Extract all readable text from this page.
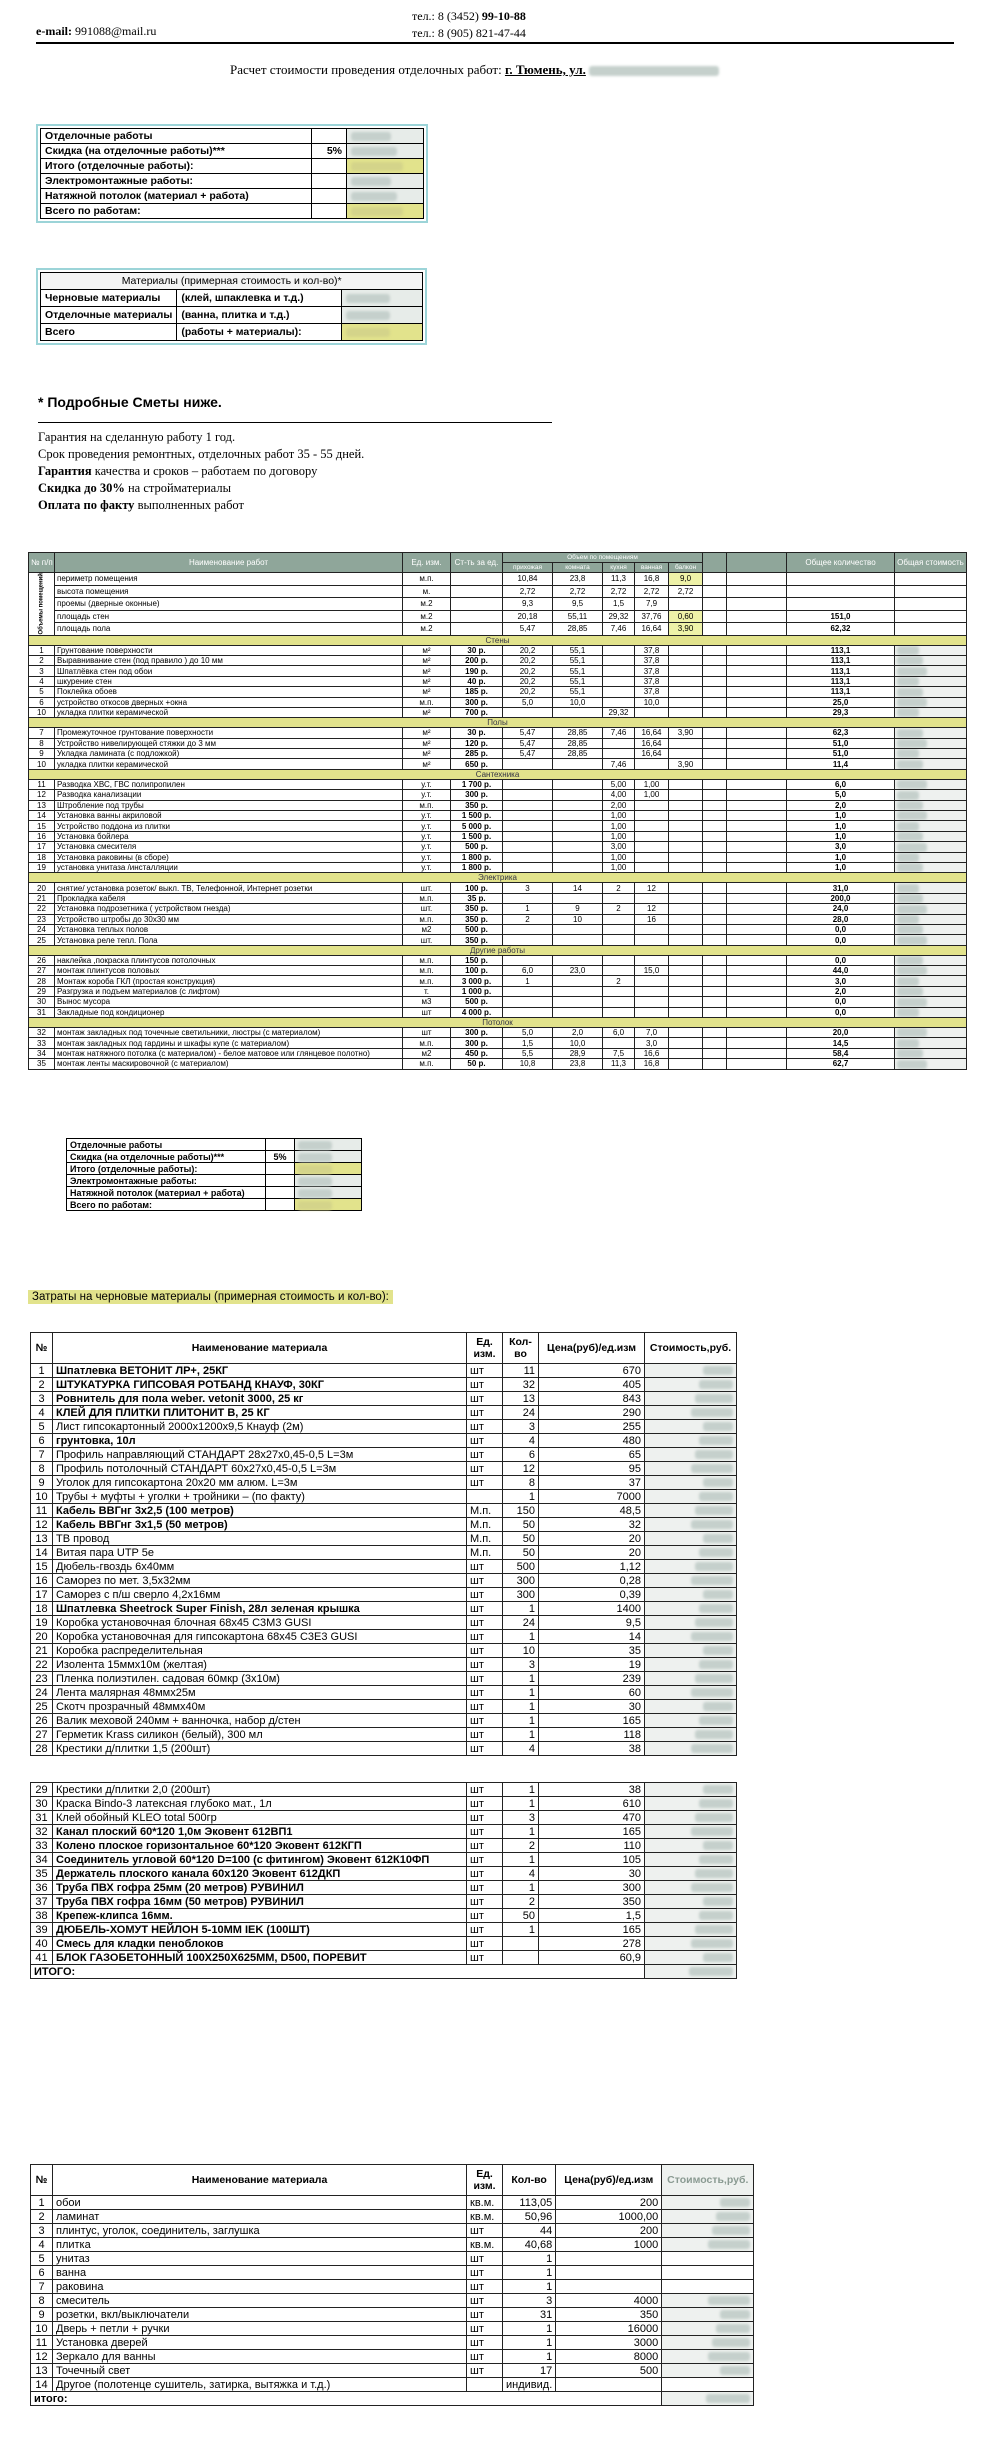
e-mail: 991088@mail.ru
тел.: 8 (3452) 99-10-88
тел.: 8 (905) 821-47-44
Расчет стоимости проведения отделочных работ: г. Тюмень, ул.
Отделочные работы		
Скидка (на отделочные работы)***	5%	
Итого (отделочные работы):		
Электромонтажные работы:		
Натяжной потолок (материал + работа)		
Всего по работам:		
Материалы (примерная стоимость и кол-во)*		
Черновые материалы	(клей, шпаклевка и т.д.)	
Отделочные материалы	(ванна, плитка и т.д.)	
Всего	(работы + материалы):	
* Подробные Сметы ниже.

Гарантия на сделанную работу 1 год.

Срок проведения ремонтных, отделочных работ 35 - 55 дней.

Гарантия качества и сроков – работаем по договору

Скидка до 30% на стройматериалы

Оплата по факту выполненных работ

№ п/п	Наименование работ	Ед. изм.	Ст-ть за ед.	Объем по помещениям							Общее количество	Общая стоимость
				прихожая	комната	кухня	ванная	балкон				
Объемы помещений	периметр помещения	м.п.		10,84	23,8	11,3	16,8	9,0				
	высота помещения	м.		2,72	2,72	2,72	2,72	2,72				
	проемы (дверные оконные)	м.2		9,3	9,5	1,5	7,9					
	площадь стен	м.2		20,18	55,11	29,32	37,76	0,60			151,0	
	площадь пола	м.2		5,47	28,85	7,46	16,64	3,90			62,32	
Стены												
1	Грунтование поверхности	м²	30 р.	20,2	55,1		37,8				113,1	
2	Выравнивание стен (под правило ) до 10 мм	м²	200 р.	20,2	55,1		37,8				113,1	
3	Шпатлёвка стен под обои	м²	190 р.	20,2	55,1		37,8				113,1	
4	шкурение стен	м²	40 р.	20,2	55,1		37,8				113,1	
5	Поклейка обоев	м²	185 р.	20,2	55,1		37,8				113,1	
6	устройство откосов дверных +окна	м.п.	300 р.	5,0	10,0		10,0				25,0	
10	укладка плитки керамической	м²	700 р.			29,32					29,3	
Полы												
7	Промежуточное грунтование поверхности	м²	30 р.	5,47	28,85	7,46	16,64	3,90			62,3	
8	Устройство нивелирующей стяжки до 3 мм	м²	120 р.	5,47	28,85		16,64				51,0	
9	Укладка ламината (с подложкой)	м²	285 р.	5,47	28,85		16,64				51,0	
10	укладка плитки керамической	м²	650 р.			7,46		3,90			11,4	
Сантехника												
11	Разводка ХВС, ГВС полипропилен	у.т.	1 700 р.			5,00	1,00				6,0	
12	Разводка канализации	у.т.	300 р.			4,00	1,00				5,0	
13	Штробление под трубы	м.п.	350 р.			2,00					2,0	
14	Установка ванны акриловой	у.т.	1 500 р.			1,00					1,0	
15	Устройство поддона из плитки	у.т.	5 000 р.			1,00					1,0	
16	Установка бойлера	у.т.	1 500 р.			1,00					1,0	
17	Установка смесителя	у.т.	500 р.			3,00					3,0	
18	Установка раковины (в сборе)	у.т.	1 800 р.			1,00					1,0	
19	установка унитаза /инсталляции	у.т.	1 800 р.			1,00					1,0	
Электрика												
20	снятие/ установка розеток/ выкл. ТВ, Телефонной, Интернет розетки	шт.	100 р.	3	14	2	12				31,0	
21	Прокладка кабеля	м.п.	35 р.								200,0	
22	Установка подрозетника ( устройством гнезда)	шт.	350 р.	1	9	2	12				24,0	
23	Устройство штробы до 30x30 мм	м.п.	350 р.	2	10		16				28,0	
24	Установка теплых полов	м2	500 р.								0,0	
25	Установка реле тепл. Пола	шт.	350 р.								0,0	
Другие работы												
26	наклейка ,покраска плинтусов потолочных	м.п.	150 р.								0,0	
27	монтаж плинтусов половых	м.п.	100 р.	6,0	23,0		15,0				44,0	
28	Монтаж короба ГКЛ (простая конструкция)	м.п.	3 000 р.	1		2					3,0	
29	Разгрузка и подъем материалов (с лифтом)	т.	1 000 р.								2,0	
30	Вынос мусора	м3	500 р.								0,0	
31	Закладные под кондиционер	шт	4 000 р.								0,0	
Потолок												
32	монтаж закладных под точечные светильники, люстры (с материалом)	шт	300 р.	5,0	2,0	6,0	7,0				20,0	
33	монтаж закладных под гардины и шкафы купе (с материалом)	м.п.	300 р.	1,5	10,0		3,0				14,5	
34	монтаж натяжного потолка (с материалом) - белое матовое или глянцевое полотно)	м2	450 р.	5,5	28,9	7,5	16,6				58,4	
35	монтаж ленты маскировочной (с материалом)	м.п.	50 р.	10,8	23,8	11,3	16,8				62,7	
Отделочные работы		
Скидка (на отделочные работы)***	5%	
Итого (отделочные работы):		
Электромонтажные работы:		
Натяжной потолок (материал + работа)		
Всего по работам:		
Затраты на черновые материалы (примерная стоимость и кол-во):
№	Наименование материала	Ед. изм.	Кол-во	Цена(руб)/ед.изм	Стоимость,руб.
1	Шпатлевка ВЕТОНИТ ЛР+, 25КГ	шт	11	670	
2	ШТУКАТУРКА ГИПСОВАЯ РОТБАНД КНАУФ, 30КГ	шт	32	405	
3	Ровнитель для пола weber. vetonit 3000, 25 кг	шт	13	843	
4	КЛЕЙ ДЛЯ ПЛИТКИ ПЛИТОНИТ В, 25 КГ	шт	24	290	
5	Лист гипсокартонный 2000x1200x9,5 Кнауф (2м)	шт	3	255	
6	грунтовка, 10л	шт	4	480	
7	Профиль направляющий СТАНДАРТ 28x27x0,45-0,5 L=3м	шт	6	65	
8	Профиль потолочный СТАНДАРТ 60x27x0,45-0,5 L=3м	шт	12	95	
9	Уголок для гипсокартона 20x20 мм алюм. L=3м	шт	8	37	
10	Трубы + муфты + уголки + тройники – (по факту)		1	7000	
11	Кабель ВВГнг 3x2,5 (100 метров)	М.п.	150	48,5	
12	Кабель ВВГнг 3x1,5 (50 метров)	М.п.	50	32	
13	ТВ провод	М.п.	50	20	
14	Витая пара UTP 5е	М.п.	50	20	
15	Дюбель-гвоздь 6x40мм	шт	500	1,12	
16	Саморез по мет. 3,5x32мм	шт	300	0,28	
17	Саморез с п/ш сверло 4,2x16мм	шт	300	0,39	
18	Шпатлевка Sheetrock Super Finish, 28л зеленая крышка	шт	1	1400	
19	Коробка установочная блочная 68x45 С3М3 GUSI	шт	24	9,5	
20	Коробка установочная для гипсокартона 68x45 С3Е3 GUSI	шт	1	14	
21	Коробка распределительная	шт	10	35	
22	Изолента 15ммx10м (желтая)	шт	3	19	
23	Пленка полиэтилен. садовая 60мкр (3x10м)	шт	1	239	
24	Лента малярная 48ммx25м	шт	1	60	
25	Скотч прозрачный 48ммx40м	шт	1	30	
26	Валик меховой 240мм + ванночка, набор д/стен	шт	1	165	
27	Герметик Krass силикон (белый), 300 мл	шт	1	118	
28	Крестики д/плитки 1,5 (200шт)	шт	4	38	
29	Крестики д/плитки 2,0 (200шт)	шт	1	38	
30	Краска Bindo-3 латексная глубоко мат., 1л	шт	1	610	
31	Клей обойный KLEO total 500гр	шт	3	470	
32	Канал плоский 60*120 1,0м Эковент 612ВП1	шт	1	165	
33	Колено плоское горизонтальное 60*120 Эковент 612КГП	шт	2	110	
34	Соединитель угловой 60*120 D=100 (с фитингом) Эковент 612К10ФП	шт	1	105	
35	Держатель плоского канала 60x120 Эковент 612ДКП	шт	4	30	
36	Труба ПВХ гофра 25мм (20 метров) РУВИНИЛ	шт	1	300	
37	Труба ПВХ гофра 16мм (50 метров) РУВИНИЛ	шт	2	350	
38	Крепеж-клипса 16мм.	шт	50	1,5	
39	ДЮБЕЛЬ-ХОМУТ НЕЙЛОН 5-10ММ IEK (100ШТ)	шт	1	165	
40	Смесь для кладки пеноблоков	шт		278	
41	БЛОК ГАЗОБЕТОННЫЙ 100X250X625MM, D500, ПОРЕВИТ	шт		60,9	
ИТОГО:					
№	Наименование материала	Ед. изм.	Кол-во	Цена(руб)/ед.изм	Стоимость,руб.
1	обои	кв.м.	113,05	200	
2	ламинат	кв.м.	50,96	1000,00	
3	плинтус, уголок, соединитель, заглушка	шт	44	200	
4	плитка	кв.м.	40,68	1000	
5	унитаз	шт	1		
6	ванна	шт	1		
7	раковина	шт	1		
8	смеситель	шт	3	4000	
9	розетки, вкл/выключатели	шт	31	350	
10	Дверь + петли + ручки	шт	1	16000	
11	Установка дверей	шт	1	3000	
12	Зеркало для ванны	шт	1	8000	
13	Точечный свет	шт	17	500	
14	Другое (полотенце сушитель, затирка, вытяжка и т.д.)		индивид.		
итого:					
